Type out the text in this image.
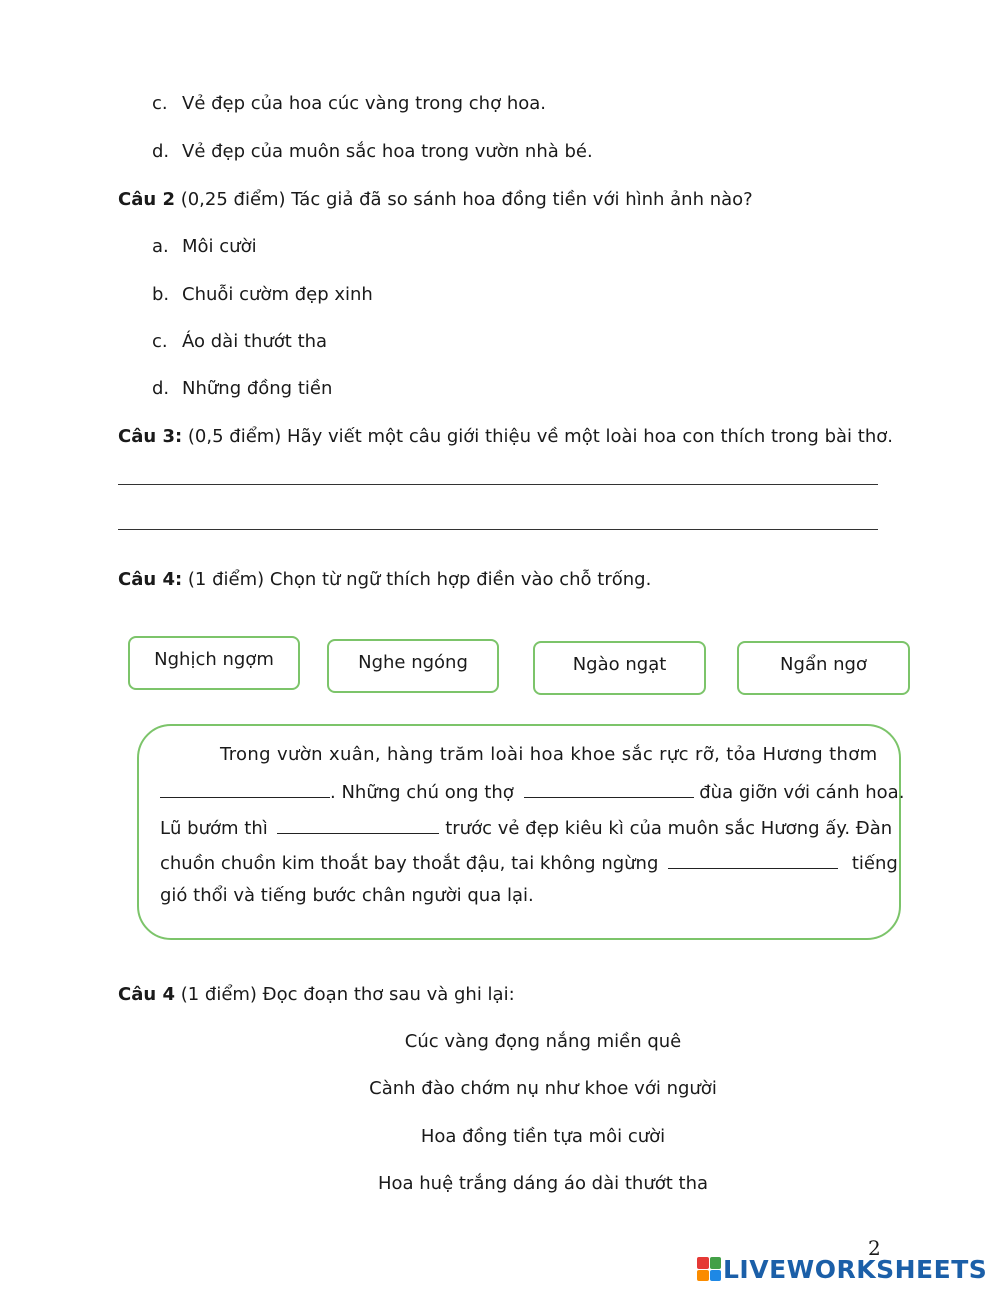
c. Vẻ đẹp của hoa cúc vàng trong chợ hoa.
d. Vẻ đẹp của muôn sắc hoa trong vườn nhà bé.
Câu 2 (0,25 điểm) Tác giả đã so sánh hoa đồng tiền với hình ảnh nào?
a. Môi cười
b. Chuỗi cườm đẹp xinh
c. Áo dài thướt tha
d. Những đồng tiền
Câu 3: (0,5 điểm) Hãy viết một câu giới thiệu về một loài hoa con thích trong bài thơ.
Câu 4: (1 điểm) Chọn từ ngữ thích hợp điền vào chỗ trống.
Nghịch ngợm	Nghe ngóng	Ngào ngạt	Ngẩn ngơ
Trong vườn xuân, hàng trăm loài hoa khoe sắc rực rỡ, tỏa Hương thơm
. Những chú ong thợ	đùa giỡn với cánh hoa.
Lũ bướm thì	trước vẻ đẹp kiêu kì của muôn sắc Hương ấy. Đàn
chuồn chuồn kim thoắt bay thoắt đậu, tai không ngừng	tiếng
gió thổi và tiếng bước chân người qua lại.
Câu 4 (1 điểm) Đọc đoạn thơ sau và ghi lại:
Cúc vàng đọng nắng miền quê
Cành đào chớm nụ như khoe với người
Hoa đồng tiền tựa môi cười
Hoa huệ trắng dáng áo dài thướt tha
2
LIVEWORKSHEETS
